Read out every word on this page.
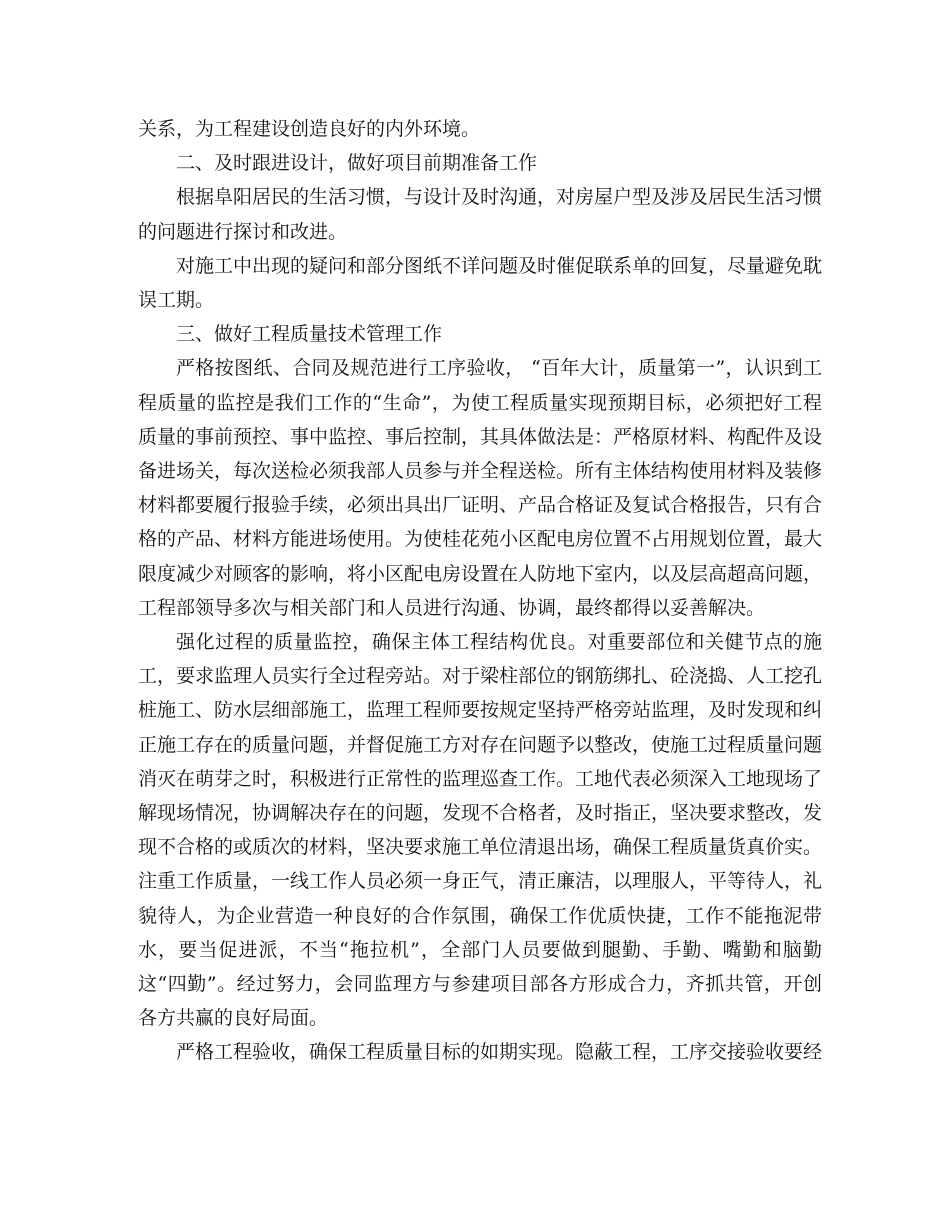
关系，为工程建设创造良好的内外环境。

二、及时跟进设计，做好项目前期准备工作

根据阜阳居民的生活习惯，与设计及时沟通，对房屋户型及涉及居民生活习惯的问题进行探讨和改进。

对施工中出现的疑问和部分图纸不详问题及时催促联系单的回复，尽量避免耽误工期。

三、做好工程质量技术管理工作

严格按图纸、合同及规范进行工序验收， “百年大计，质量第一”，认识到工程质量的监控是我们工作的“生命”，为使工程质量实现预期目标，必须把好工程质量的事前预控、事中监控、事后控制，其具体做法是：严格原材料、构配件及设备进场关，每次送检必须我部人员参与并全程送检。所有主体结构使用材料及装修材料都要履行报验手续，必须出具出厂证明、产品合格证及复试合格报告，只有合格的产品、材料方能进场使用。为使桂花苑小区配电房位置不占用规划位置，最大限度减少对顾客的影响，将小区配电房设置在人防地下室内，以及层高超高问题，工程部领导多次与相关部门和人员进行沟通、协调，最终都得以妥善解决。

强化过程的质量监控，确保主体工程结构优良。对重要部位和关健节点的施工，要求监理人员实行全过程旁站。对于梁柱部位的钢筋绑扎、砼浇捣、人工挖孔桩施工、防水层细部施工，监理工程师要按规定坚持严格旁站监理，及时发现和纠正施工存在的质量问题，并督促施工方对存在问题予以整改，使施工过程质量问题消灭在萌芽之时，积极进行正常性的监理巡查工作。工地代表必须深入工地现场了解现场情况，协调解决存在的问题，发现不合格者，及时指正，坚决要求整改，发现不合格的或质次的材料，坚决要求施工单位清退出场，确保工程质量货真价实。注重工作质量，一线工作人员必须一身正气，清正廉洁，以理服人，平等待人，礼貌待人，为企业营造一种良好的合作氛围，确保工作优质快捷，工作不能拖泥带水，要当促进派，不当“拖拉机”，全部门人员要做到腿勤、手勤、嘴勤和脑勤这“四勤”。经过努力，会同监理方与参建项目部各方形成合力，齐抓共管，开创各方共赢的良好局面。

严格工程验收，确保工程质量目标的如期实现。隐蔽工程，工序交接验收要经
